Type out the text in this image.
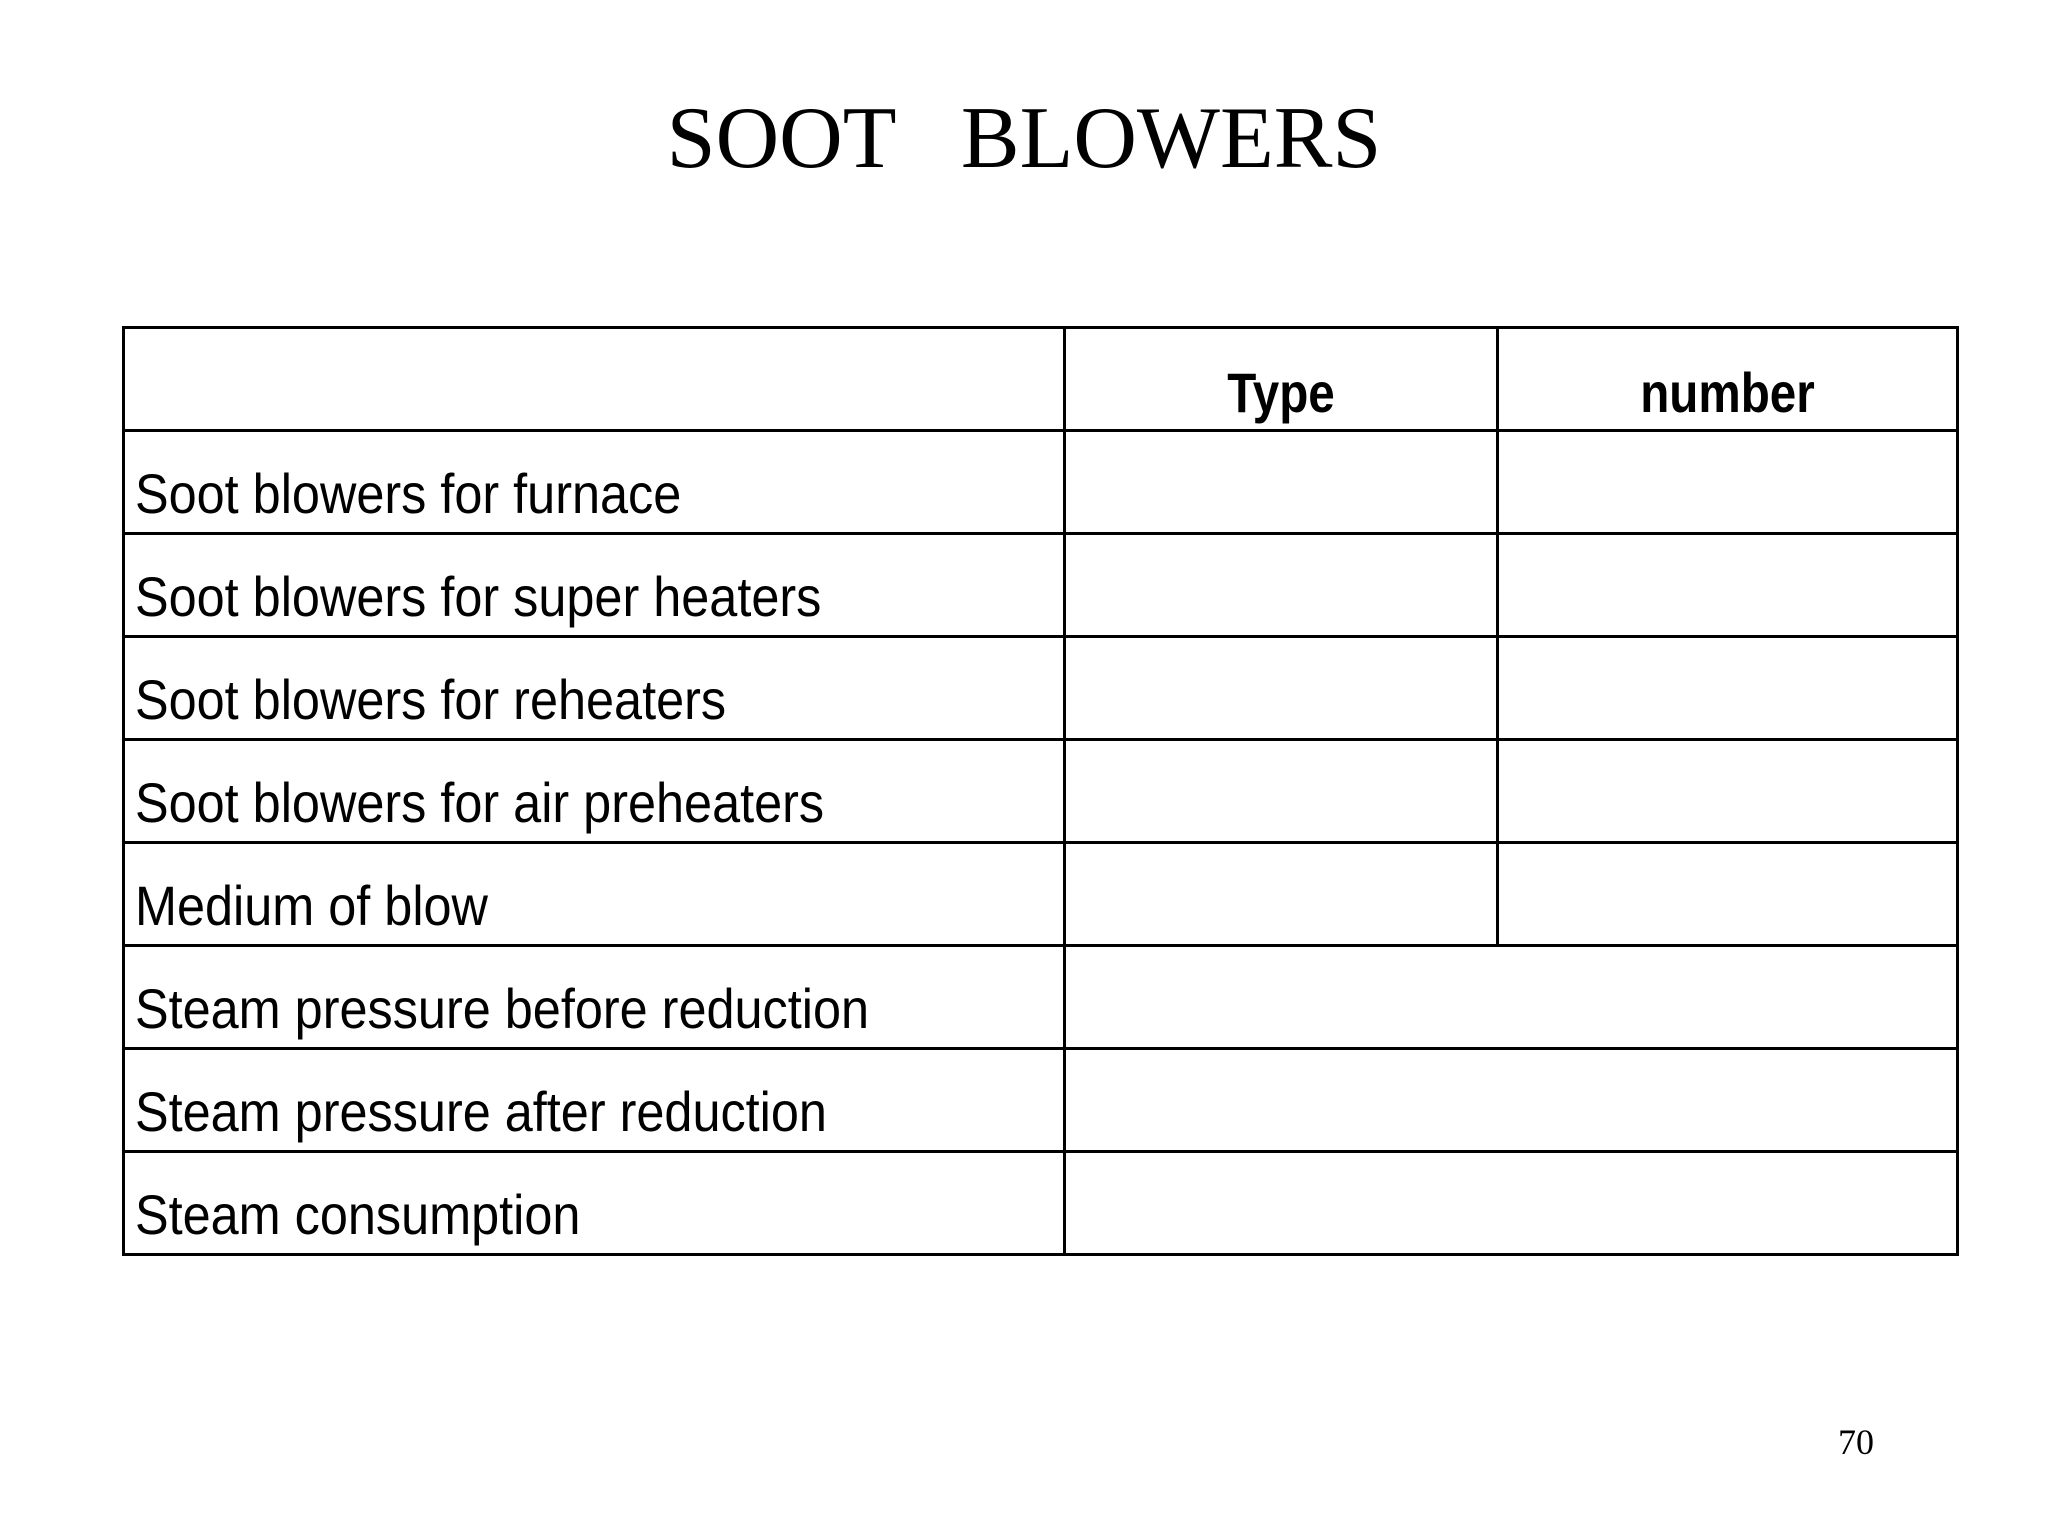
SOOT   BLOWERS

	Type	number

Soot blowers for furnace		

Soot blowers for super heaters		

Soot blowers for reheaters		

Soot blowers for air preheaters		

Medium of blow		

Steam pressure before reduction		

Steam pressure after reduction		

Steam consumption		

70
